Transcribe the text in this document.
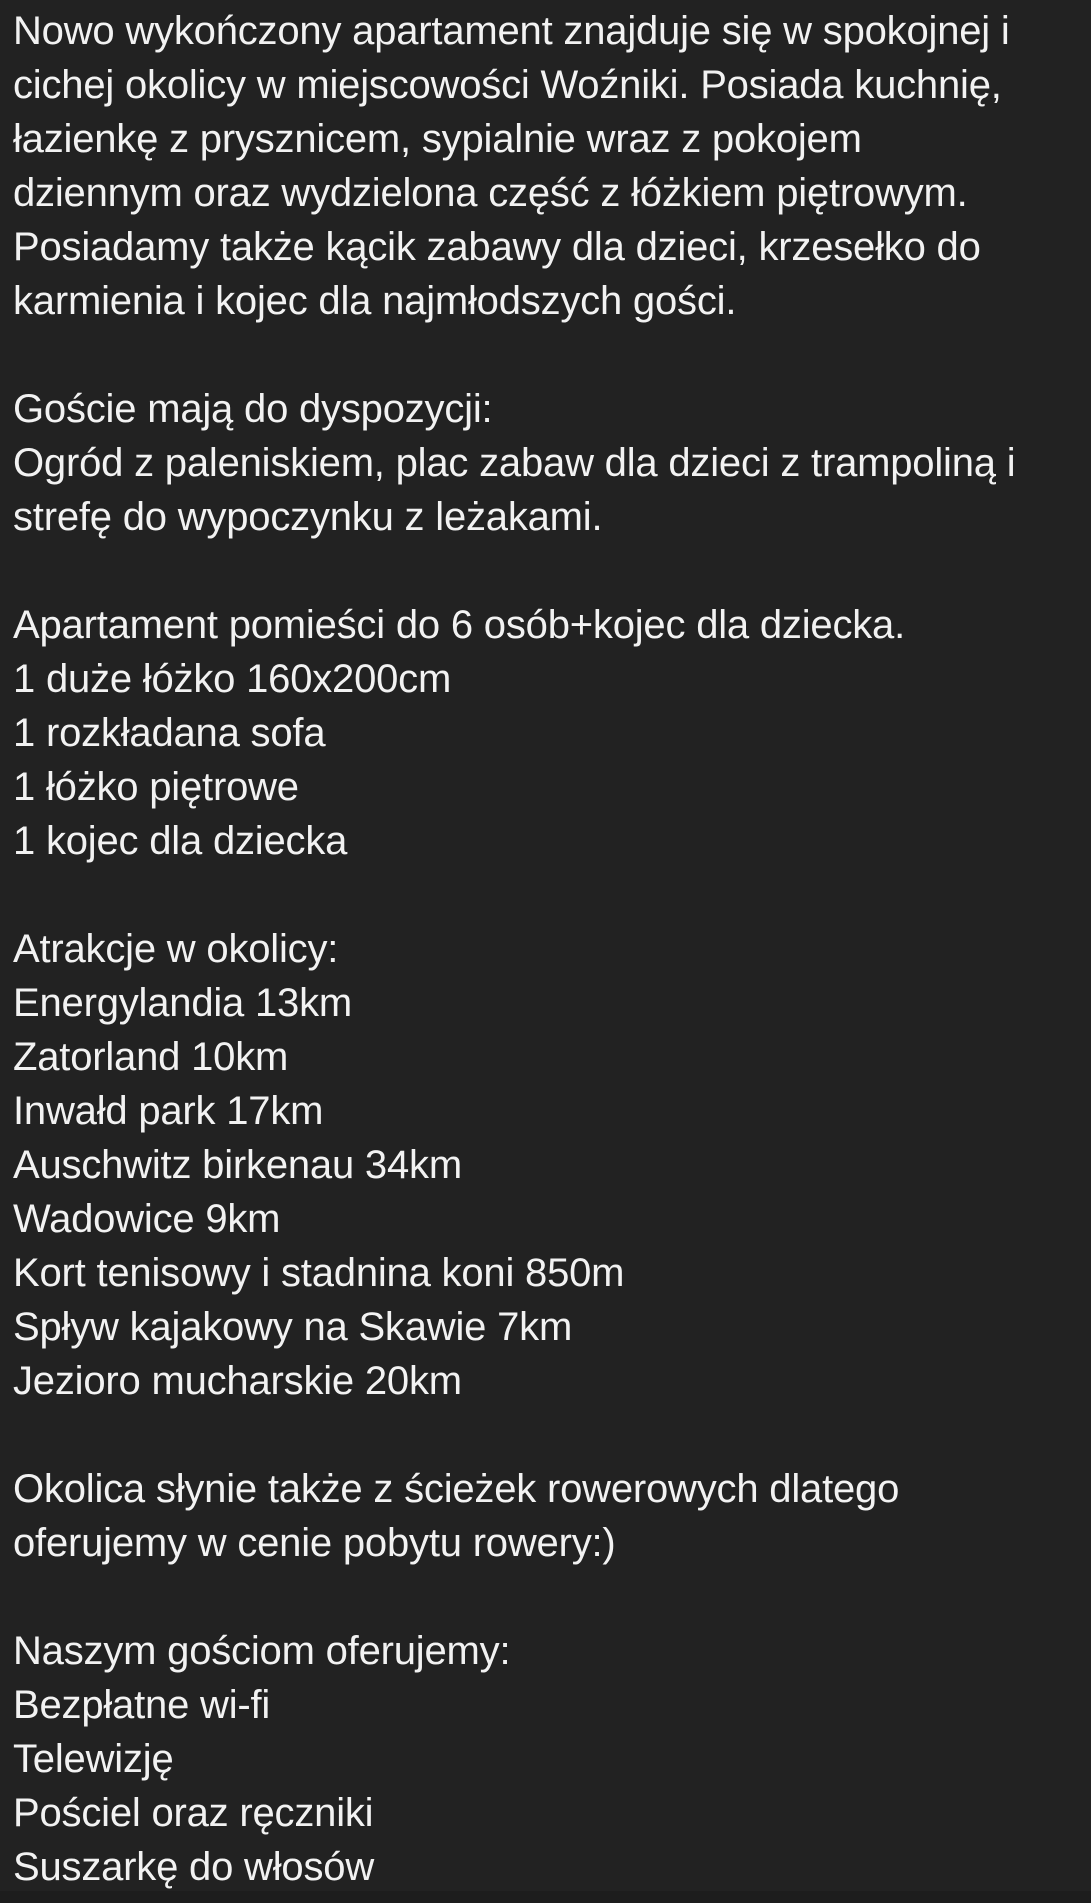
Nowo wykończony apartament znajduje się w spokojnej i
cichej okolicy w miejscowości Woźniki. Posiada kuchnię,
łazienkę z prysznicem, sypialnie wraz z pokojem
dziennym oraz wydzielona część z łóżkiem piętrowym.
Posiadamy także kącik zabawy dla dzieci, krzesełko do
karmienia i kojec dla najmłodszych gości.
Goście mają do dyspozycji:
Ogród z paleniskiem, plac zabaw dla dzieci z trampoliną i
strefę do wypoczynku z leżakami.
Apartament pomieści do 6 osób+kojec dla dziecka.
1 duże łóżko 160x200cm
1 rozkładana sofa
1 łóżko piętrowe
1 kojec dla dziecka
Atrakcje w okolicy:
Energylandia 13km
Zatorland 10km
Inwałd park 17km
Auschwitz birkenau 34km
Wadowice 9km
Kort tenisowy i stadnina koni 850m
Spływ kajakowy na Skawie 7km
Jezioro mucharskie 20km
Okolica słynie także z ścieżek rowerowych dlatego
oferujemy w cenie pobytu rowery:)
Naszym gościom oferujemy:
Bezpłatne wi-fi
Telewizję
Pościel oraz ręczniki
Suszarkę do włosów
